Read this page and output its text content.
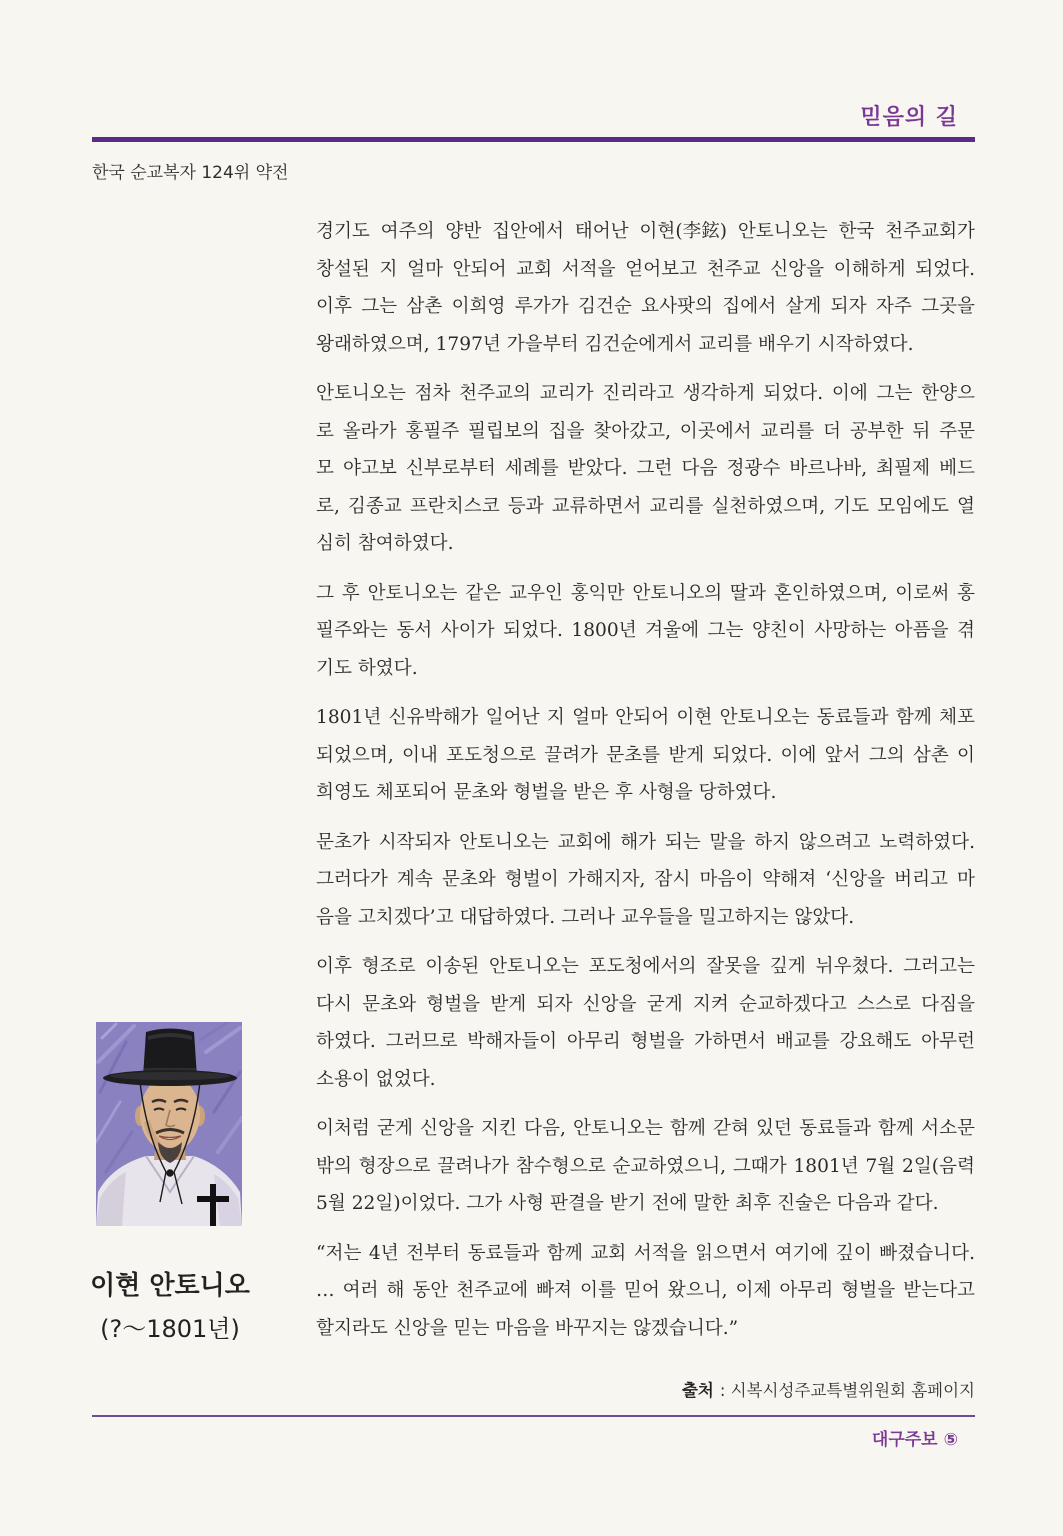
믿음의 길
한국 순교복자 124위 약전
경기도 여주의 양반 집안에서 태어난 이현(李鉉) 안토니오는 한국 천주교회가
창설된 지 얼마 안되어 교회 서적을 얻어보고 천주교 신앙을 이해하게 되었다.
이후 그는 삼촌 이희영 루가가 김건순 요사팟의 집에서 살게 되자 자주 그곳을
왕래하였으며, 1797년 가을부터 김건순에게서 교리를 배우기 시작하였다.
안토니오는 점차 천주교의 교리가 진리라고 생각하게 되었다. 이에 그는 한양으
로 올라가 홍필주 필립보의 집을 찾아갔고, 이곳에서 교리를 더 공부한 뒤 주문
모 야고보 신부로부터 세례를 받았다. 그런 다음 정광수 바르나바, 최필제 베드
로, 김종교 프란치스코 등과 교류하면서 교리를 실천하였으며, 기도 모임에도 열
심히 참여하였다.
그 후 안토니오는 같은 교우인 홍익만 안토니오의 딸과 혼인하였으며, 이로써 홍
필주와는 동서 사이가 되었다. 1800년 겨울에 그는 양친이 사망하는 아픔을 겪
기도 하였다.
1801년 신유박해가 일어난 지 얼마 안되어 이현 안토니오는 동료들과 함께 체포
되었으며, 이내 포도청으로 끌려가 문초를 받게 되었다. 이에 앞서 그의 삼촌 이
희영도 체포되어 문초와 형벌을 받은 후 사형을 당하였다.
문초가 시작되자 안토니오는 교회에 해가 되는 말을 하지 않으려고 노력하였다.
그러다가 계속 문초와 형벌이 가해지자, 잠시 마음이 약해져 ‘신앙을 버리고 마
음을 고치겠다’고 대답하였다. 그러나 교우들을 밀고하지는 않았다.
이후 형조로 이송된 안토니오는 포도청에서의 잘못을 깊게 뉘우쳤다. 그러고는
다시 문초와 형벌을 받게 되자 신앙을 굳게 지켜 순교하겠다고 스스로 다짐을
하였다. 그러므로 박해자들이 아무리 형벌을 가하면서 배교를 강요해도 아무런
소용이 없었다.
이처럼 굳게 신앙을 지킨 다음, 안토니오는 함께 갇혀 있던 동료들과 함께 서소문
밖의 형장으로 끌려나가 참수형으로 순교하였으니, 그때가 1801년 7월 2일(음력
5월 22일)이었다. 그가 사형 판결을 받기 전에 말한 최후 진술은 다음과 같다.
“저는 4년 전부터 동료들과 함께 교회 서적을 읽으면서 여기에 깊이 빠졌습니다.
… 여러 해 동안 천주교에 빠져 이를 믿어 왔으니, 이제 아무리 형벌을 받는다고
할지라도 신앙을 믿는 마음을 바꾸지는 않겠습니다.”
이현 안토니오
(?～1801년)
출처 : 시복시성주교특별위원회 홈페이지
대구주보 ⑤
